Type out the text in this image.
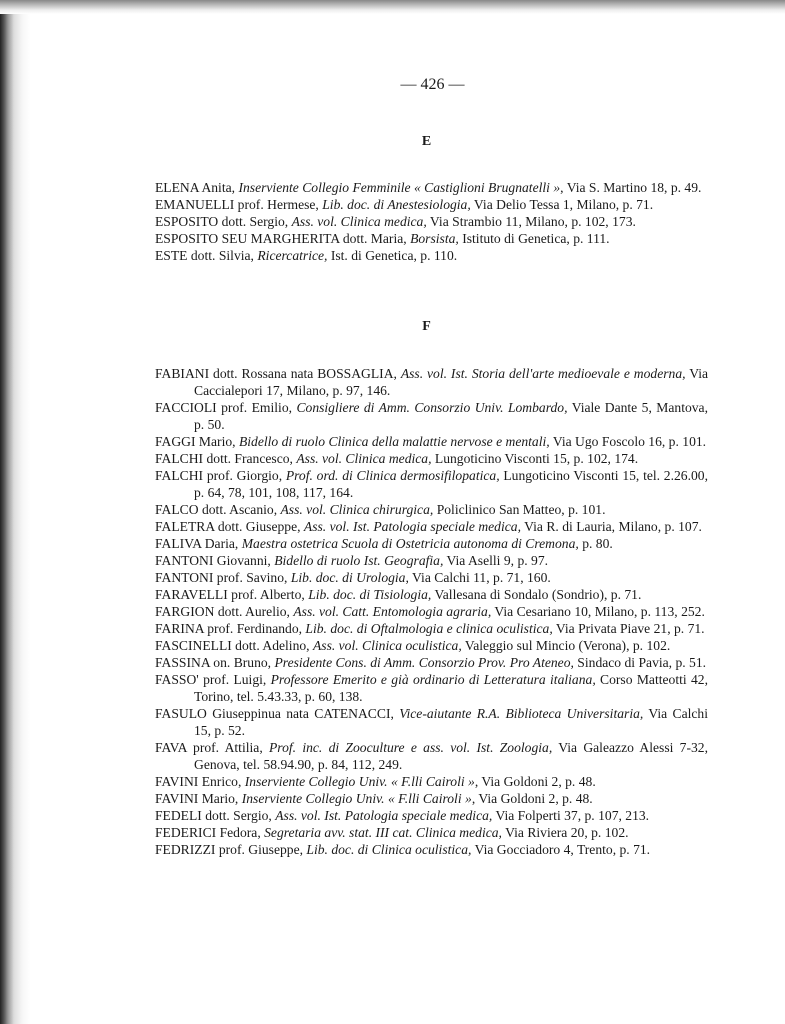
— 426 —
E

ELENA Anita, Inserviente Collegio Femminile « Castiglioni Brugnatelli », Via S. Martino 18, p. 49.

EMANUELLI prof. Hermese, Lib. doc. di Anestesiologia, Via Delio Tessa 1, Milano, p. 71.

ESPOSITO dott. Sergio, Ass. vol. Clinica medica, Via Strambio 11, Milano, p. 102, 173.

ESPOSITO SEU MARGHERITA dott. Maria, Borsista, Istituto di Genetica, p. 111.

ESTE dott. Silvia, Ricercatrice, Ist. di Genetica, p. 110.

F

FABIANI dott. Rossana nata BOSSAGLIA, Ass. vol. Ist. Storia dell'arte medioevale e moderna, Via Caccialepori 17, Milano, p. 97, 146.

FACCIOLI prof. Emilio, Consigliere di Amm. Consorzio Univ. Lombardo, Viale Dante 5, Mantova, p. 50.

FAGGI Mario, Bidello di ruolo Clinica della malattie nervose e mentali, Via Ugo Foscolo 16, p. 101.

FALCHI dott. Francesco, Ass. vol. Clinica medica, Lungoticino Visconti 15, p. 102, 174.

FALCHI prof. Giorgio, Prof. ord. di Clinica dermosifilopatica, Lungoticino Visconti 15, tel. 2.26.00, p. 64, 78, 101, 108, 117, 164.

FALCO dott. Ascanio, Ass. vol. Clinica chirurgica, Policlinico San Matteo, p. 101.

FALETRA dott. Giuseppe, Ass. vol. Ist. Patologia speciale medica, Via R. di Lauria, Milano, p. 107.

FALIVA Daria, Maestra ostetrica Scuola di Ostetricia autonoma di Cremona, p. 80.

FANTONI Giovanni, Bidello di ruolo Ist. Geografia, Via Aselli 9, p. 97.

FANTONI prof. Savino, Lib. doc. di Urologia, Via Calchi 11, p. 71, 160.

FARAVELLI prof. Alberto, Lib. doc. di Tisiologia, Vallesana di Sondalo (Sondrio), p. 71.

FARGION dott. Aurelio, Ass. vol. Catt. Entomologia agraria, Via Cesariano 10, Milano, p. 113, 252.

FARINA prof. Ferdinando, Lib. doc. di Oftalmologia e clinica oculistica, Via Privata Piave 21, p. 71.

FASCINELLI dott. Adelino, Ass. vol. Clinica oculistica, Valeggio sul Mincio (Verona), p. 102.

FASSINA on. Bruno, Presidente Cons. di Amm. Consorzio Prov. Pro Ateneo, Sindaco di Pavia, p. 51.

FASSO' prof. Luigi, Professore Emerito e già ordinario di Letteratura italiana, Corso Matteotti 42, Torino, tel. 5.43.33, p. 60, 138.

FASULO Giuseppinua nata CATENACCI, Vice-aiutante R.A. Biblioteca Universitaria, Via Calchi 15, p. 52.

FAVA prof. Attilia, Prof. inc. di Zooculture e ass. vol. Ist. Zoologia, Via Galeazzo Alessi 7-32, Genova, tel. 58.94.90, p. 84, 112, 249.

FAVINI Enrico, Inserviente Collegio Univ. « F.lli Cairoli », Via Goldoni 2, p. 48.

FAVINI Mario, Inserviente Collegio Univ. « F.lli Cairoli », Via Goldoni 2, p. 48.

FEDELI dott. Sergio, Ass. vol. Ist. Patologia speciale medica, Via Folperti 37, p. 107, 213.

FEDERICI Fedora, Segretaria avv. stat. III cat. Clinica medica, Via Riviera 20, p. 102.

FEDRIZZI prof. Giuseppe, Lib. doc. di Clinica oculistica, Via Gocciadoro 4, Trento, p. 71.
